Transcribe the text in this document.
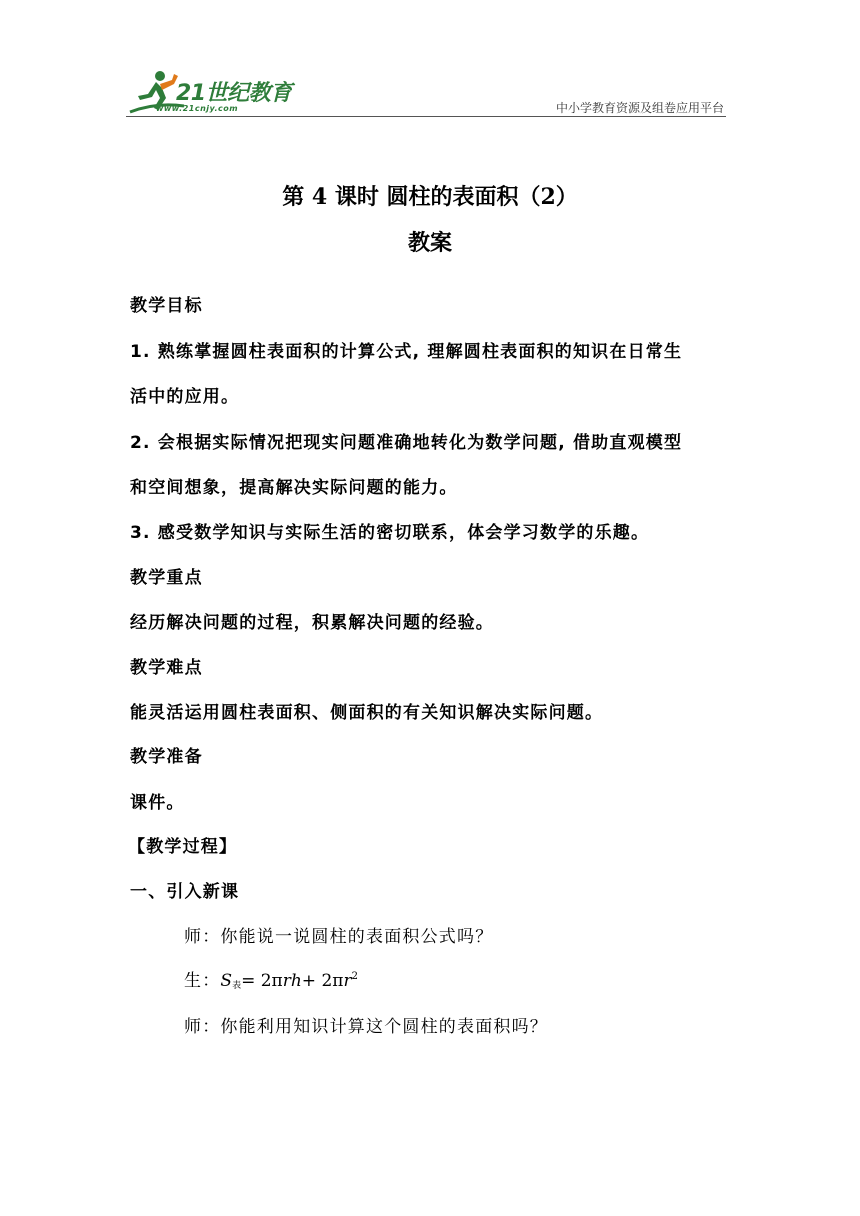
21世纪教育
www.21cnjy.com	中小学教育资源及组卷应用平台
第 4 课时 圆柱的表面积（2）
教案
教学目标
1. 熟练掌握圆柱表面积的计算公式, 理解圆柱表面积的知识在日常生
活中的应用。
2. 会根据实际情况把现实问题准确地转化为数学问题, 借助直观模型
和空间想象，提高解决实际问题的能力。
3. 感受数学知识与实际生活的密切联系，体会学习数学的乐趣。
教学重点
经历解决问题的过程，积累解决问题的经验。
教学难点
能灵活运用圆柱表面积、侧面积的有关知识解决实际问题。
教学准备
课件。
【教学过程】
一、引入新课
师：你能说一说圆柱的表面积公式吗？
生：$S_表= 2\pi rh+ 2\pi r^2$
师：你能利用知识计算这个圆柱的表面积吗？
